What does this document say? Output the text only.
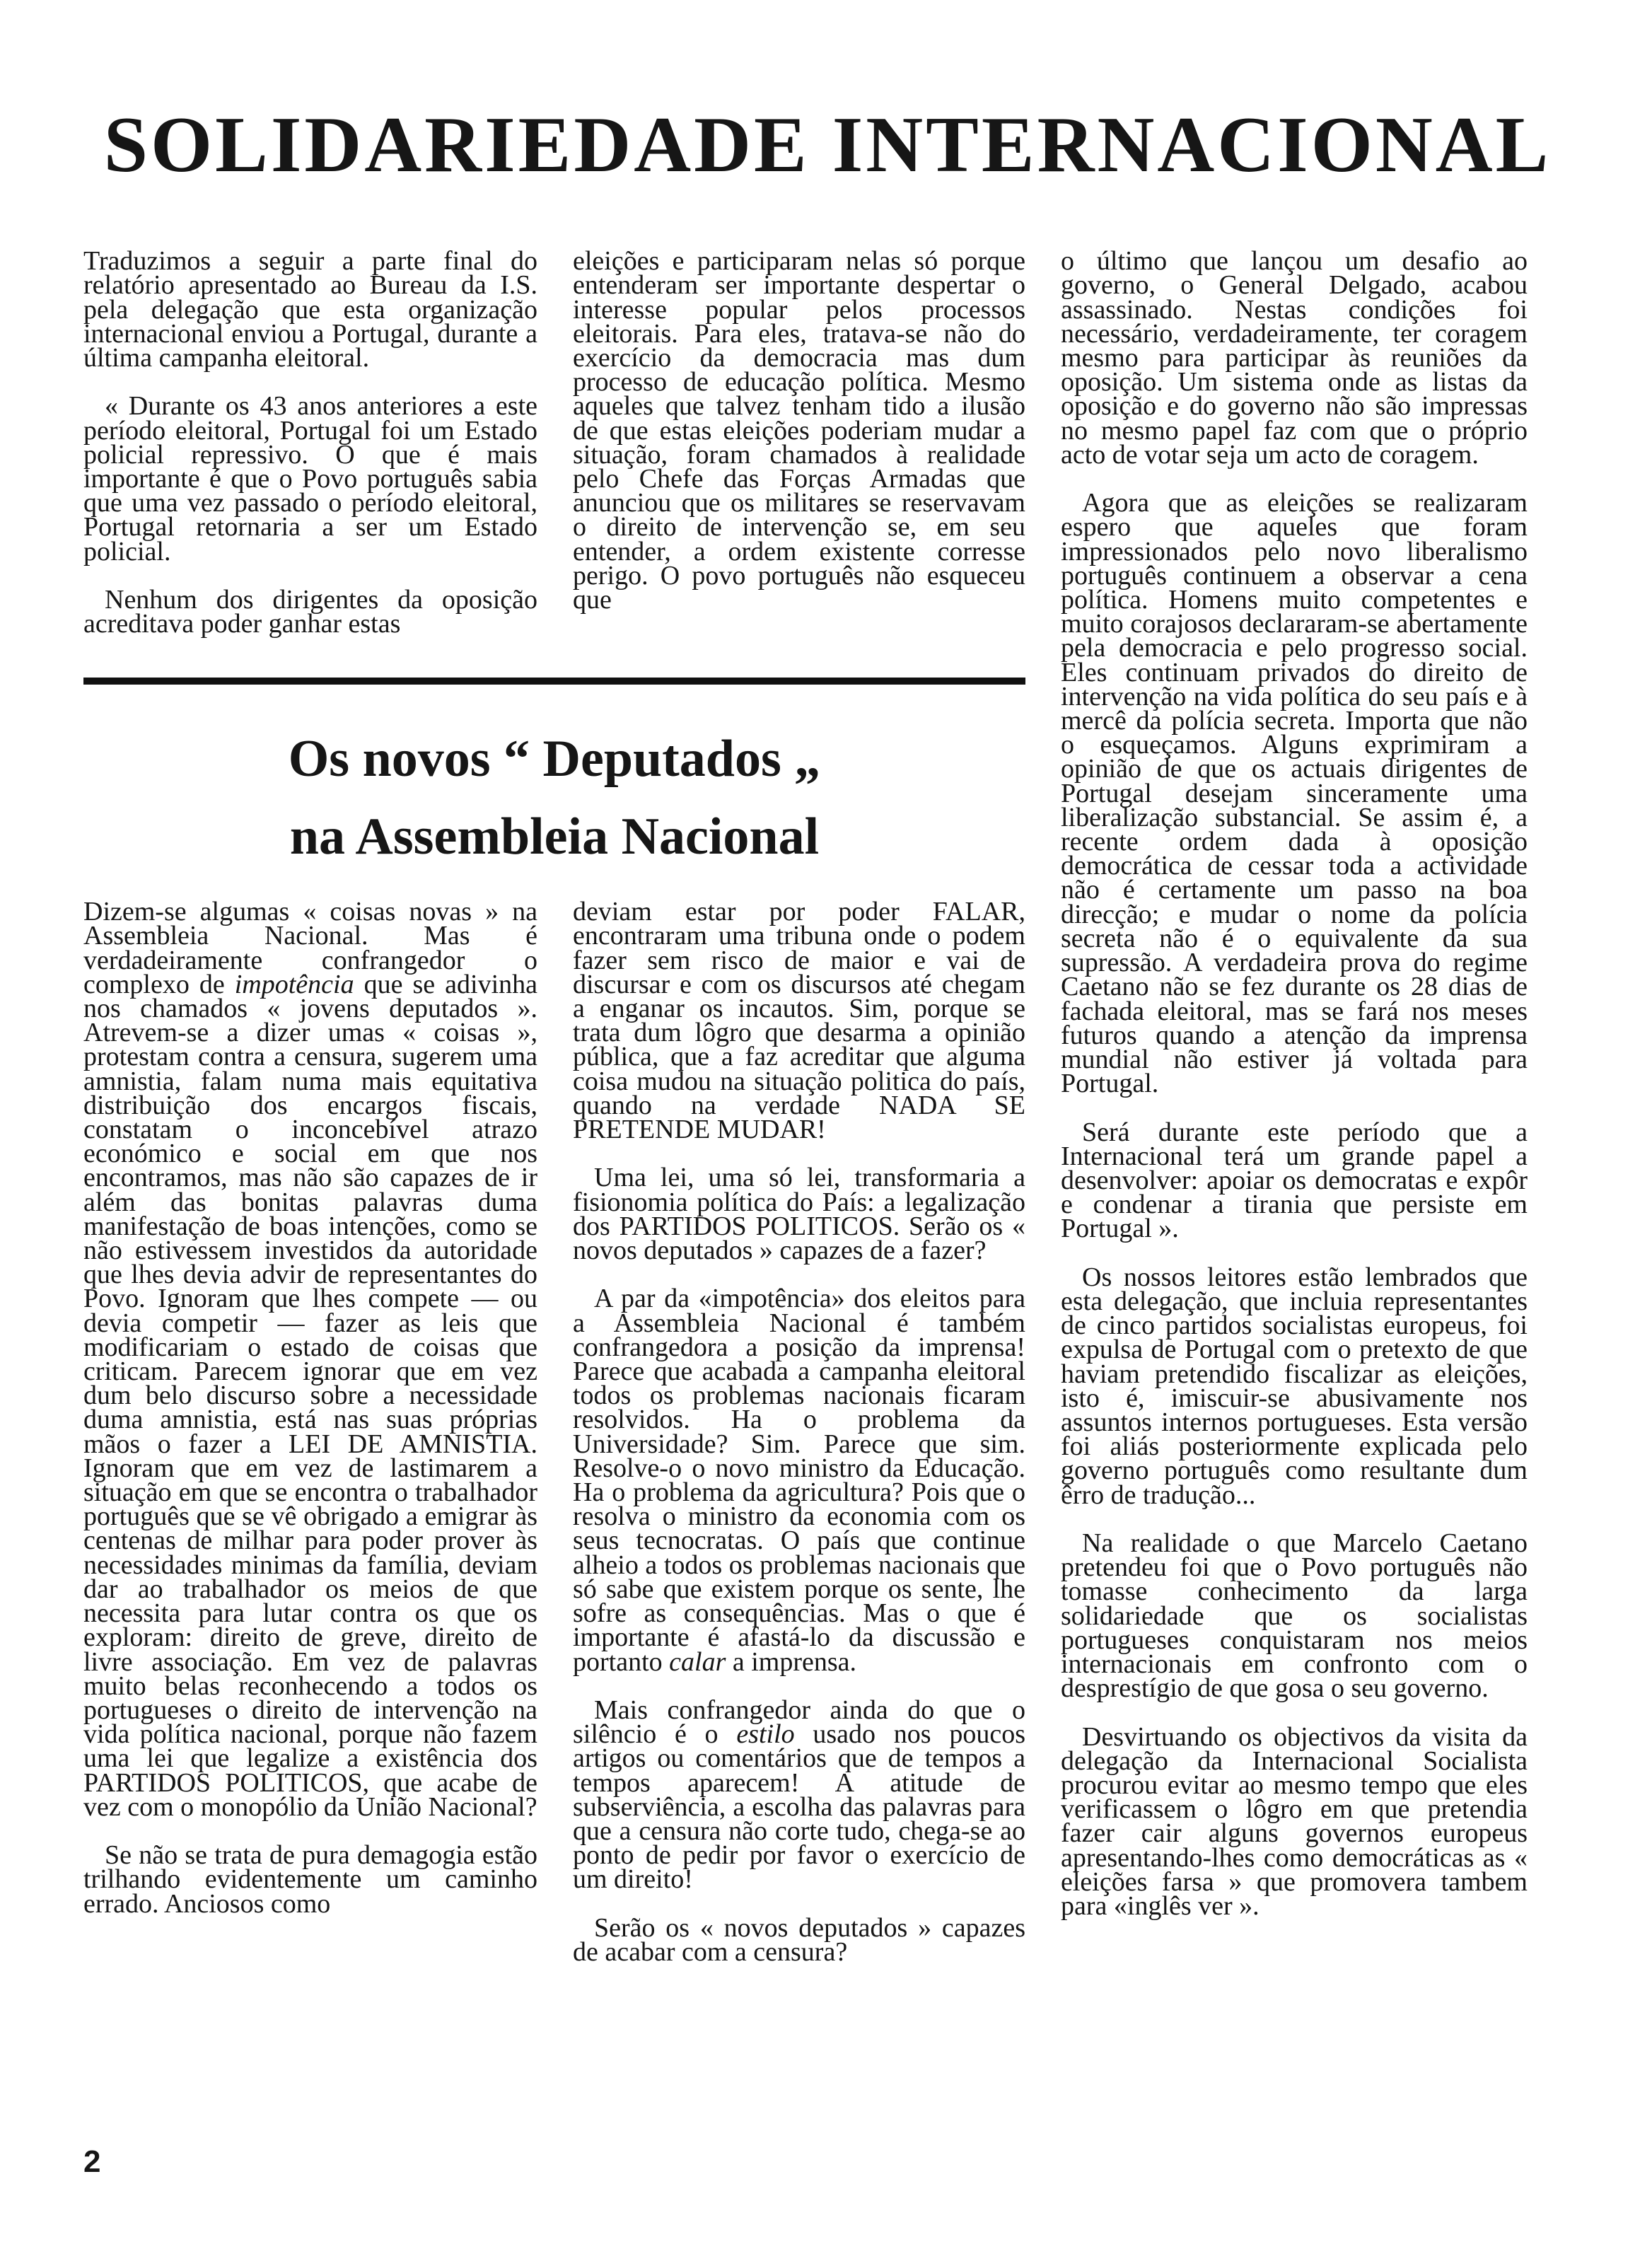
SOLIDARIEDADE INTERNACIONAL

Traduzimos a seguir a parte final do relatório apresentado ao Bureau da I.S. pela delegação que esta organização internacional enviou a Portugal, durante a última campanha eleitoral.

« Durante os 43 anos anteriores a este período eleitoral, Portugal foi um Estado policial repressivo. O que é mais importante é que o Povo português sabia que uma vez passado o período eleitoral, Portugal retornaria a ser um Estado policial.

Nenhum dos dirigentes da oposição acreditava poder ganhar estas

eleições e participaram nelas só porque entenderam ser importante despertar o interesse popular pelos processos eleitorais. Para eles, tratava-se não do exercício da democracia mas dum processo de educação política. Mesmo aqueles que talvez tenham tido a ilusão de que estas eleições poderiam mudar a situação, foram chamados à realidade pelo Chefe das Forças Armadas que anunciou que os militares se reservavam o direito de intervenção se, em seu entender, a ordem existente corresse perigo. O povo português não esqueceu que

o último que lançou um desafio ao governo, o General Delgado, acabou assassinado. Nestas condições foi necessário, verdadeiramente, ter coragem mesmo para participar às reuniões da oposição. Um sistema onde as listas da oposição e do governo não são impressas no mesmo papel faz com que o próprio acto de votar seja um acto de coragem.

Agora que as eleições se realizaram espero que aqueles que foram impressionados pelo novo liberalismo português continuem a observar a cena política. Homens muito competentes e muito corajosos declararam-se abertamente pela democracia e pelo progresso social. Eles continuam privados do direito de intervenção na vida política do seu país e à mercê da polícia secreta. Importa que não o esqueçamos. Alguns exprimiram a opinião de que os actuais dirigentes de Portugal desejam sinceramente uma liberalização substancial. Se assim é, a recente ordem dada à oposição democrática de cessar toda a actividade não é certamente um passo na boa direcção; e mudar o nome da polícia secreta não é o equivalente da sua supressão. A verdadeira prova do regime Caetano não se fez durante os 28 dias de fachada eleitoral, mas se fará nos meses futuros quando a atenção da imprensa mundial não estiver já voltada para Portugal.

Será durante este período que a Internacional terá um grande papel a desenvolver: apoiar os democratas e expôr e condenar a tirania que persiste em Portugal ».

Os nossos leitores estão lembrados que esta delegação, que incluia representantes de cinco partidos socialistas europeus, foi expulsa de Portugal com o pretexto de que haviam pretendido fiscalizar as eleições, isto é, imiscuir-se abusivamente nos assuntos internos portugueses. Esta versão foi aliás posteriormente explicada pelo governo português como resultante dum êrro de tradução...

Na realidade o que Marcelo Caetano pretendeu foi que o Povo português não tomasse conhecimento da larga solidariedade que os socialistas portugueses conquistaram nos meios internacionais em confronto com o desprestígio de que gosa o seu governo.

Desvirtuando os objectivos da visita da delegação da Internacional Socialista procurou evitar ao mesmo tempo que eles verificassem o lôgro em que pretendia fazer cair alguns governos europeus apresentando-lhes como democráticas as « eleições farsa » que promovera tambem para «inglês ver ».

Os novos “ Deputados „
na Assembleia Nacional

Dizem-se algumas « coisas novas » na Assembleia Nacional. Mas é verdadeiramente confrangedor o complexo de impotência que se adivinha nos chamados « jovens deputados ». Atrevem-se a dizer umas « coisas », protestam contra a censura, sugerem uma amnistia, falam numa mais equitativa distribuição dos encargos fiscais, constatam o inconcebível atrazo económico e social em que nos encontramos, mas não são capazes de ir além das bonitas palavras duma manifestação de boas intenções, como se não estivessem investidos da autoridade que lhes devia advir de representantes do Povo. Ignoram que lhes compete — ou devia competir — fazer as leis que modificariam o estado de coisas que criticam. Parecem ignorar que em vez dum belo discurso sobre a necessidade duma amnistia, está nas suas próprias mãos o fazer a LEI DE AMNISTIA. Ignoram que em vez de lastimarem a situação em que se encontra o trabalhador português que se vê obrigado a emigrar às centenas de milhar para poder prover às necessidades minimas da família, deviam dar ao trabalhador os meios de que necessita para lutar contra os que os exploram: direito de greve, direito de livre associação. Em vez de palavras muito belas reconhecendo a todos os portugueses o direito de intervenção na vida política nacional, porque não fazem uma lei que legalize a existência dos PARTIDOS POLITICOS, que acabe de vez com o monopólio da União Nacional?

Se não se trata de pura demagogia estão trilhando evidentemente um caminho errado. Anciosos como

deviam estar por poder FALAR, encontraram uma tribuna onde o podem fazer sem risco de maior e vai de discursar e com os discursos até chegam a enganar os incautos. Sim, porque se trata dum lôgro que desarma a opinião pública, que a faz acreditar que alguma coisa mudou na situação politica do país, quando na verdade NADA SE PRETENDE MUDAR!

Uma lei, uma só lei, transformaria a fisionomia política do País: a legalização dos PARTIDOS POLITICOS. Serão os « novos deputados » capazes de a fazer?

A par da «impotência» dos eleitos para a Assembleia Nacional é também confrangedora a posição da imprensa! Parece que acabada a campanha eleitoral todos os problemas nacionais ficaram resolvidos. Ha o problema da Universidade? Sim. Parece que sim. Resolve-o o novo ministro da Educação. Ha o problema da agricultura? Pois que o resolva o ministro da economia com os seus tecnocratas. O país que continue alheio a todos os problemas nacionais que só sabe que existem porque os sente, lhe sofre as consequências. Mas o que é importante é afastá-lo da discussão e portanto calar a imprensa.

Mais confrangedor ainda do que o silêncio é o estilo usado nos poucos artigos ou comentários que de tempos a tempos aparecem! A atitude de subserviência, a escolha das palavras para que a censura não corte tudo, chega-se ao ponto de pedir por favor o exercício de um direito!

Serão os « novos deputados » capazes de acabar com a censura?

2
